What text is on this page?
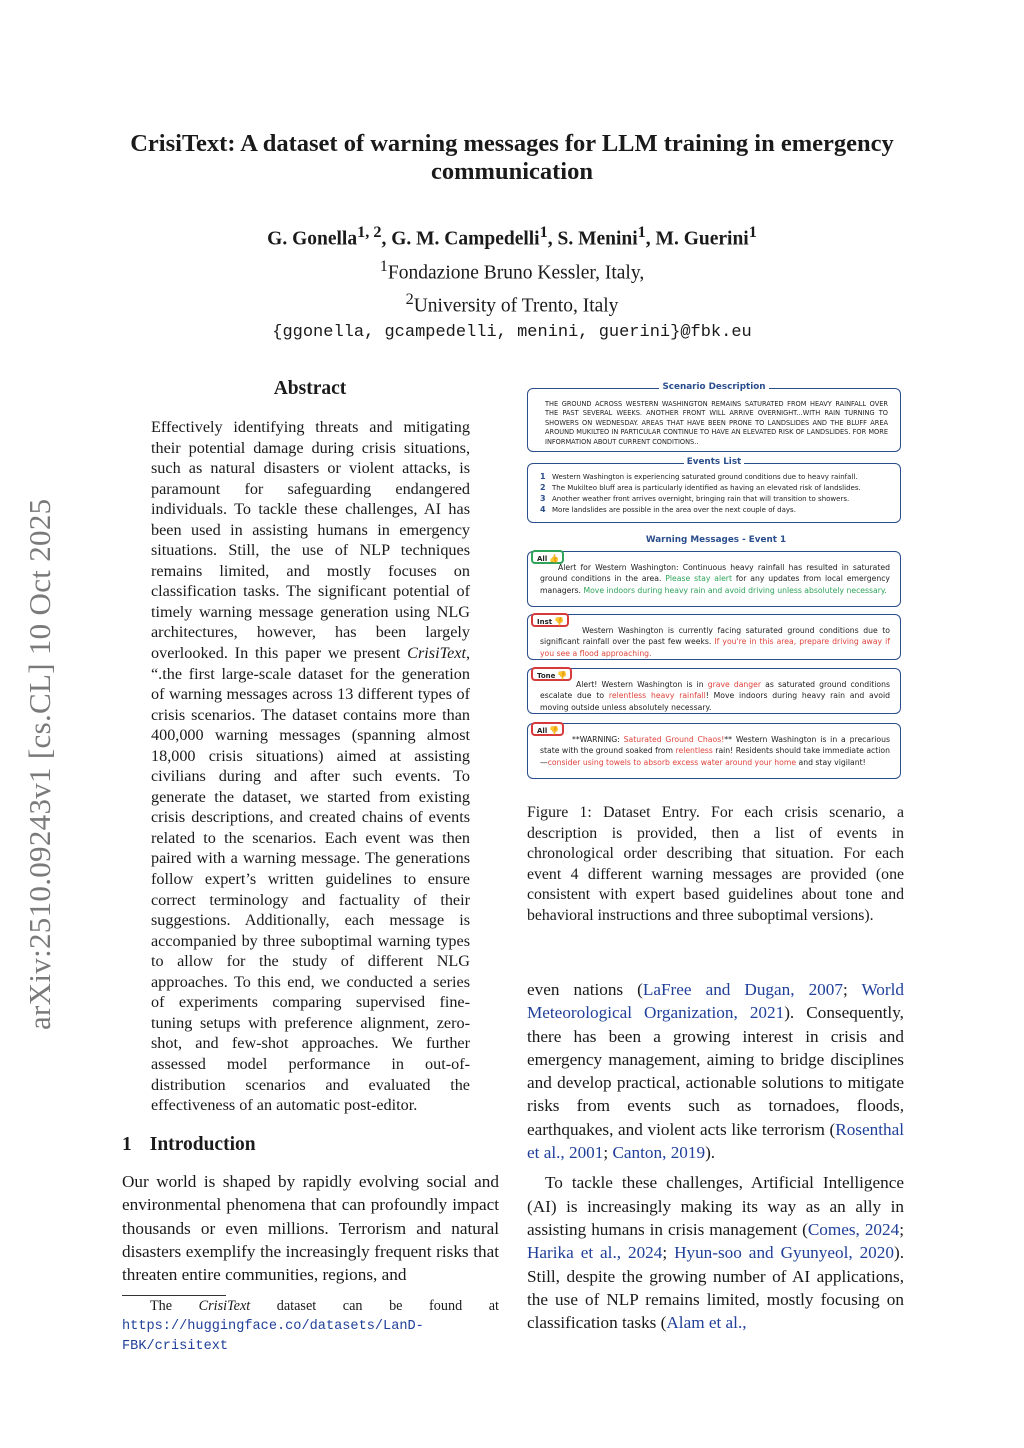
arXiv:2510.09243v1 [cs.CL] 10 Oct 2025
CrisiText: A dataset of warning messages for LLM training in emergency communication
G. Gonella$^{1, 2}$, G. M. Campedelli$^1$, S. Menini$^1$, M. Guerini$^1$
$^1$Fondazione Bruno Kessler, Italy,
$^2$University of Trento, Italy
{ggonella, gcampedelli, menini, guerini}@fbk.eu
Abstract
Effectively identifying threats and mitigating their potential damage during crisis situations, such as natural disasters or violent attacks, is paramount for safeguarding endangered individuals. To tackle these challenges, AI has been used in assisting humans in emergency situations. Still, the use of NLP techniques remains limited, and mostly focuses on classification tasks. The significant potential of timely warning message generation using NLG architectures, however, has been largely overlooked. In this paper we present CrisiText, “.the first large-scale dataset for the generation of warning messages across 13 different types of crisis scenarios. The dataset contains more than 400,000 warning messages (spanning almost 18,000 crisis situations) aimed at assisting civilians during and after such events. To generate the dataset, we started from existing crisis descriptions, and created chains of events related to the scenarios. Each event was then paired with a warning message. The generations follow expert’s written guidelines to ensure correct terminology and factuality of their suggestions. Additionally, each message is accompanied by three suboptimal warning types to allow for the study of different NLG approaches. To this end, we conducted a series of experiments comparing supervised fine-tuning setups with preference alignment, zero-shot, and few-shot approaches. We further assessed model performance in out-of-distribution scenarios and evaluated the effectiveness of an automatic post-editor.
1 Introduction
Our world is shaped by rapidly evolving social and environmental phenomena that can profoundly impact thousands or even millions. Terrorism and natural disasters exemplify the increasingly frequent risks that threaten entire communities, regions, and
The CrisiText dataset can be found at https://huggingface.co/datasets/LanD-FBK/crisitext
Scenario Description
THE GROUND ACROSS WESTERN WASHINGTON REMAINS SATURATED FROM HEAVY RAINFALL OVER THE PAST SEVERAL WEEKS. ANOTHER FRONT WILL ARRIVE OVERNIGHT...WITH RAIN TURNING TO SHOWERS ON WEDNESDAY. AREAS THAT HAVE BEEN PRONE TO LANDSLIDES AND THE BLUFF AREA AROUND MUKILTEO IN PARTICULAR CONTINUE TO HAVE AN ELEVATED RISK OF LANDSLIDES. FOR MORE INFORMATION ABOUT CURRENT CONDITIONS..
Events List
1 Western Washington is experiencing saturated ground conditions due to heavy rainfall.
2 The Mukilteo bluff area is particularly identified as having an elevated risk of landslides.
3 Another weather front arrives overnight, bringing rain that will transition to showers.
4 More landslides are possible in the area over the next couple of days.
Warning Messages - Event 1
All 👍
Alert for Western Washington: Continuous heavy rainfall has resulted in saturated ground conditions in the area. Please stay alert for any updates from local emergency managers. Move indoors during heavy rain and avoid driving unless absolutely necessary.
Inst 👎
Western Washington is currently facing saturated ground conditions due to significant rainfall over the past few weeks. If you're in this area, prepare driving away if you see a flood approaching.
Tone 👎
Alert! Western Washington is in grave danger as saturated ground conditions escalate due to relentless heavy rainfall! Move indoors during heavy rain and avoid moving outside unless absolutely necessary.
All 👎
**WARNING: Saturated Ground Chaos!** Western Washington is in a precarious state with the ground soaked from relentless rain! Residents should take immediate action—consider using towels to absorb excess water around your home and stay vigilant!
Figure 1: Dataset Entry. For each crisis scenario, a description is provided, then a list of events in chronological order describing that situation. For each event 4 different warning messages are provided (one consistent with expert based guidelines about tone and behavioral instructions and three suboptimal versions).

even nations (LaFree and Dugan, 2007; World Meteorological Organization, 2021). Consequently, there has been a growing interest in crisis and emergency management, aiming to bridge disciplines and develop practical, actionable solutions to mitigate risks from events such as tornadoes, floods, earthquakes, and violent acts like terrorism (Rosenthal et al., 2001; Canton, 2019).

To tackle these challenges, Artificial Intelligence (AI) is increasingly making its way as an ally in assisting humans in crisis management (Comes, 2024; Harika et al., 2024; Hyun-soo and Gyunyeol, 2020). Still, despite the growing number of AI applications, the use of NLP remains limited, mostly focusing on classification tasks (Alam et al.,
